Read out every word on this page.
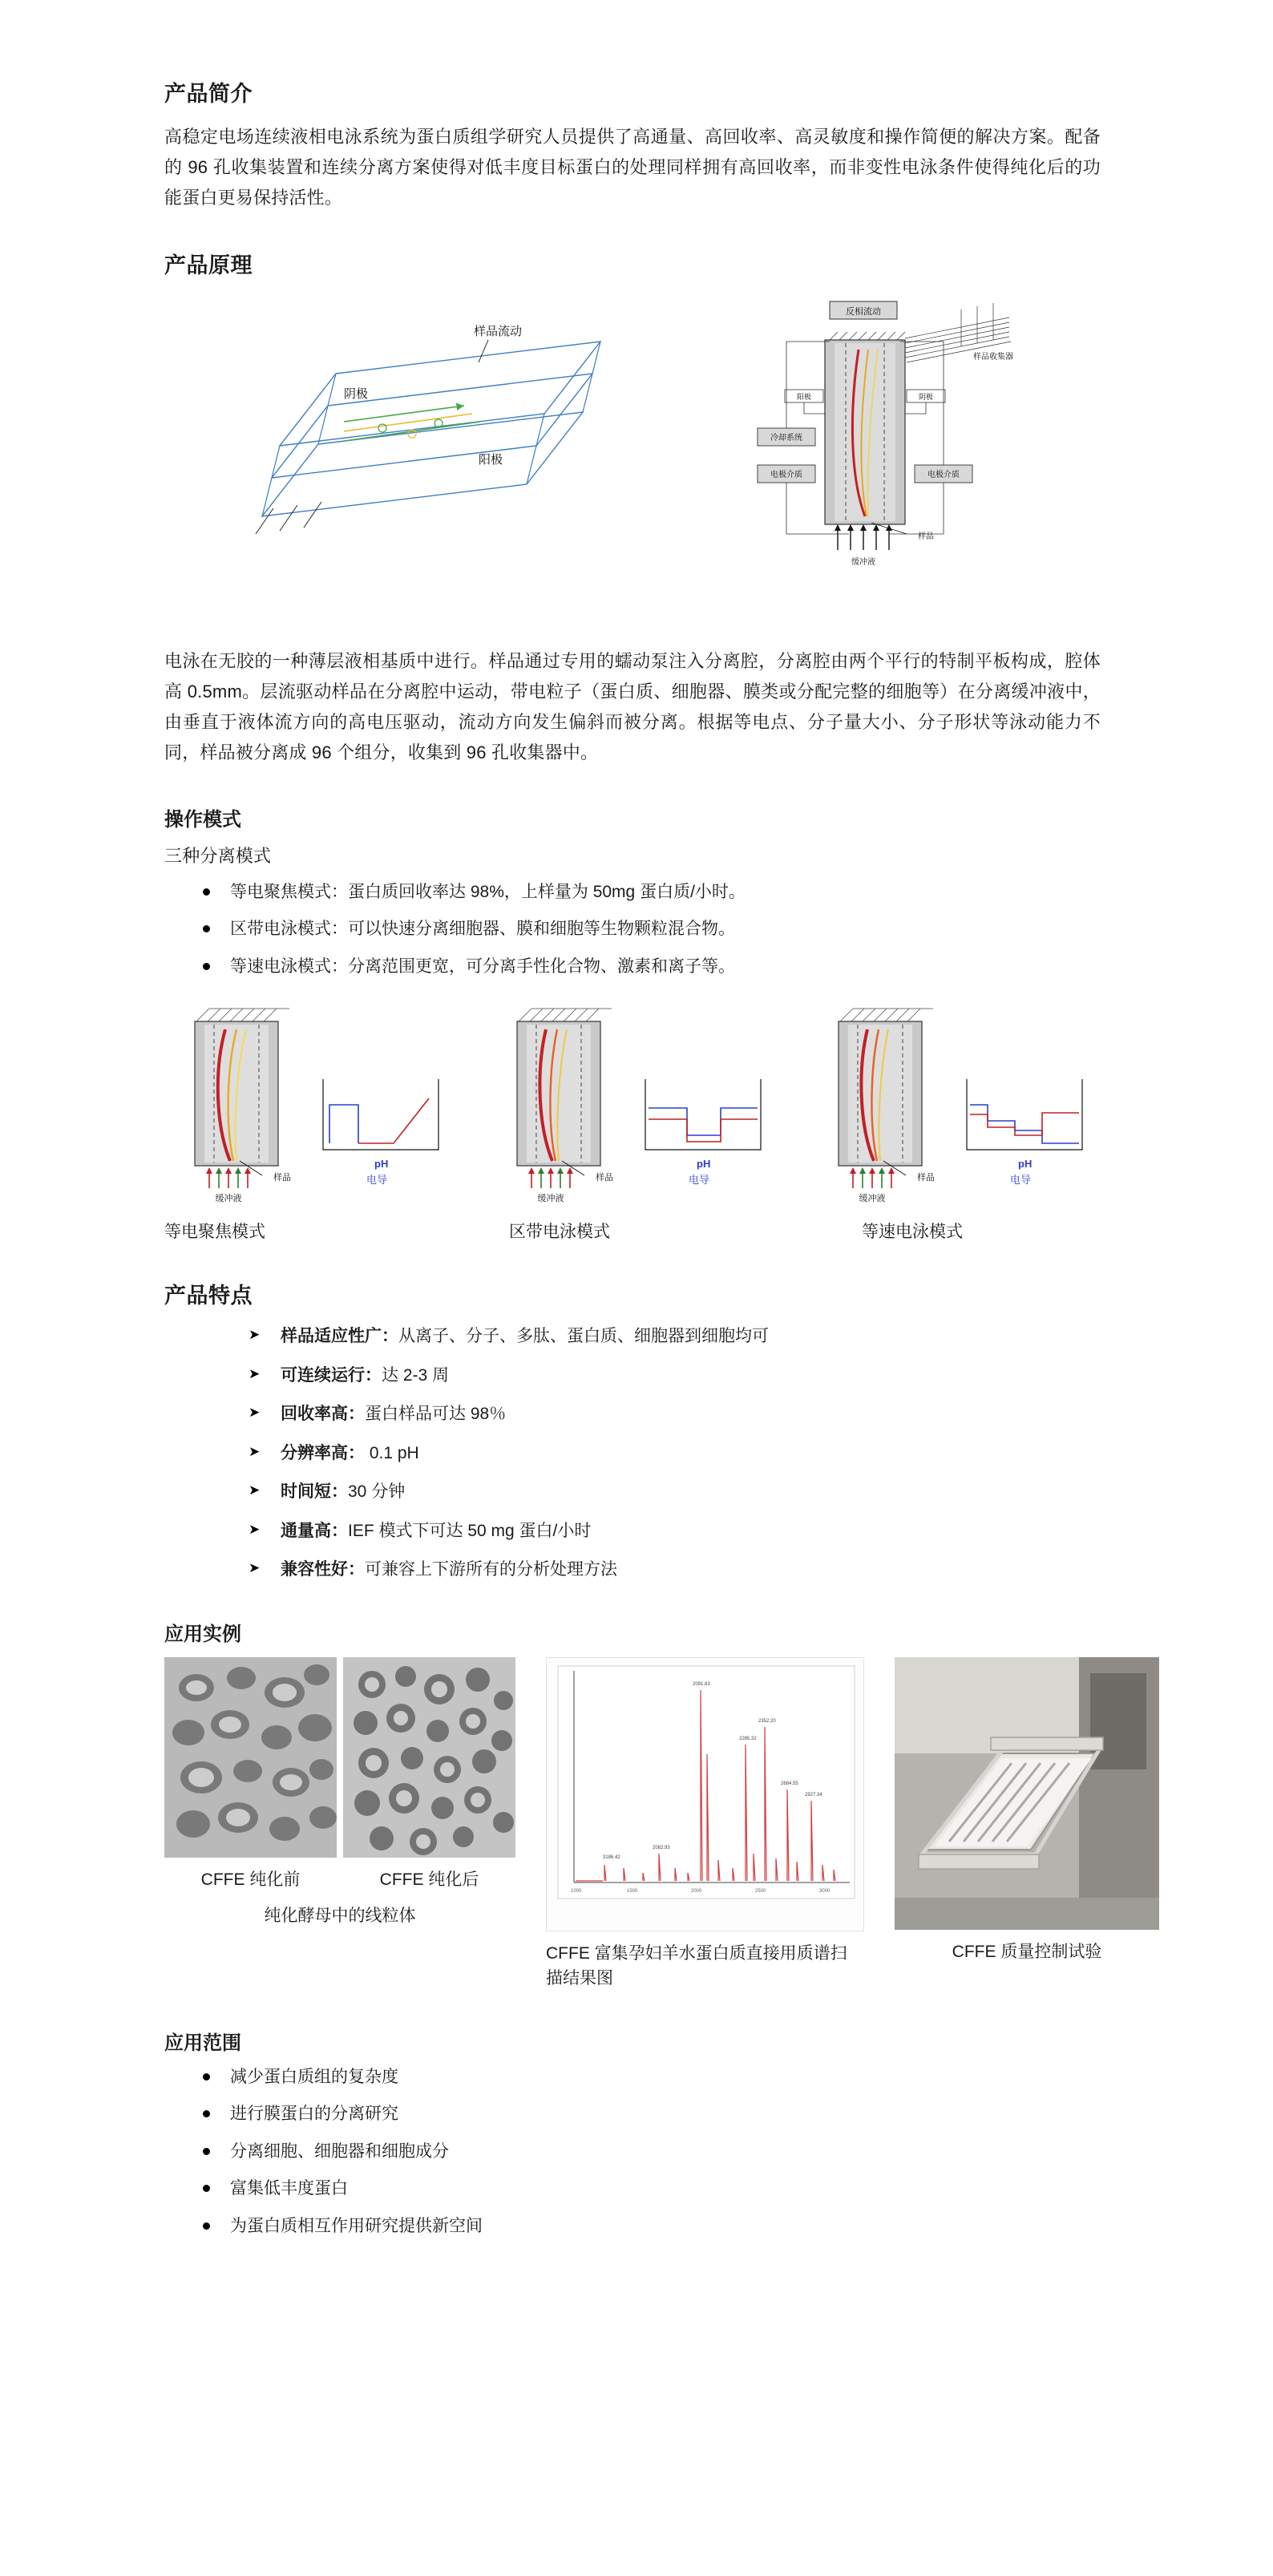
产品简介

高稳定电场连续液相电泳系统为蛋白质组学研究人员提供了高通量、高回收率、高灵敏度和操作简便的解决方案。配备的 96 孔收集装置和连续分离方案使得对低丰度目标蛋白的处理同样拥有高回收率，而非变性电泳条件使得纯化后的功能蛋白更易保持活性。

产品原理
样品流动
阴极
阳极
反相流动
样品收集器
阳极	阴极
冷却系统
电极介质	电极介质
缓冲液
样品

电泳在无胶的一种薄层液相基质中进行。样品通过专用的蠕动泵注入分离腔，分离腔由两个平行的特制平板构成，腔体高 0.5mm。层流驱动样品在分离腔中运动，带电粒子（蛋白质、细胞器、膜类或分配完整的细胞等）在分离缓冲液中，由垂直于液体流方向的高电压驱动，流动方向发生偏斜而被分离。根据等电点、分子量大小、分子形状等泳动能力不同，样品被分离成 96 个组分，收集到 96 孔收集器中。

操作模式

三种分离模式

等电聚焦模式：蛋白质回收率达 98%，上样量为 50mg 蛋白质/小时。
区带电泳模式：可以快速分离细胞器、膜和细胞等生物颗粒混合物。
等速电泳模式：分离范围更宽，可分离手性化合物、激素和离子等。
样品
缓冲液
pH
电导	样品
缓冲液
pH
电导	样品
缓冲液
pH
电导
等电聚焦模式	区带电泳模式	等速电泳模式
产品特点
➤ 样品适应性广：从离子、分子、多肽、蛋白质、细胞器到细胞均可
➤ 可连续运行：达 2-3 周
➤ 回收率高：蛋白样品可达 98％
➤ 分辨率高： 0.1 pH
➤ 时间短：30 分钟
➤ 通量高：IEF 模式下可达 50 mg 蛋白/小时
➤ 兼容性好：可兼容上下游所有的分析处理方法
应用实例
CFFE 纯化前	CFFE 纯化后
纯化酵母中的线粒体
2082.93
2091.83
2285.32
2352.20
2684.55
2927.34
3186.42
1000	1500	2000	2500	3000
CFFE 富集孕妇羊水蛋白质直接用质谱扫描结果图
CFFE 质量控制试验
应用范围
减少蛋白质组的复杂度
进行膜蛋白的分离研究
分离细胞、细胞器和细胞成分
富集低丰度蛋白
为蛋白质相互作用研究提供新空间
